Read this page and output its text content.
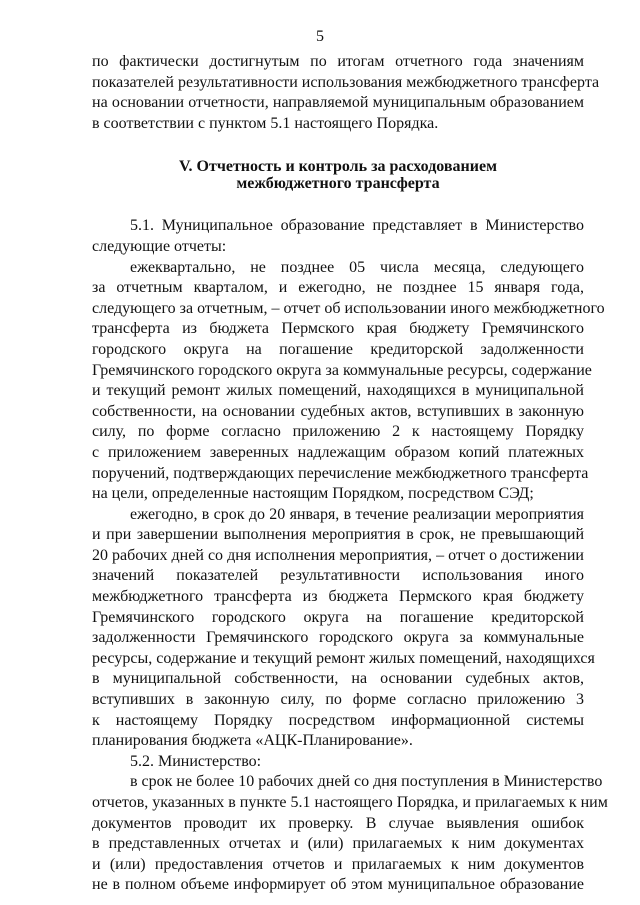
5
по фактически достигнутым по итогам отчетного года значениям
показателей результативности использования межбюджетного трансферта
на основании отчетности, направляемой муниципальным образованием
в соответствии с пунктом 5.1 настоящего Порядка.
V. Отчетность и контроль за расходованием
межбюджетного трансферта
5.1. Муниципальное образование представляет в Министерство
следующие отчеты:
ежеквартально, не позднее 05 числа месяца, следующего
за отчетным кварталом, и ежегодно, не позднее 15 января года,
следующего за отчетным, – отчет об использовании иного межбюджетного
трансферта из бюджета Пермского края бюджету Гремячинского
городского округа на погашение кредиторской задолженности
Гремячинского городского округа за коммунальные ресурсы, содержание
и текущий ремонт жилых помещений, находящихся в муниципальной
собственности, на основании судебных актов, вступивших в законную
силу, по форме согласно приложению 2 к настоящему Порядку
с приложением заверенных надлежащим образом копий платежных
поручений, подтверждающих перечисление межбюджетного трансферта
на цели, определенные настоящим Порядком, посредством СЭД;
ежегодно, в срок до 20 января, в течение реализации мероприятия
и при завершении выполнения мероприятия в срок, не превышающий
20 рабочих дней со дня исполнения мероприятия, – отчет о достижении
значений показателей результативности использования иного
межбюджетного трансферта из бюджета Пермского края бюджету
Гремячинского городского округа на погашение кредиторской
задолженности Гремячинского городского округа за коммунальные
ресурсы, содержание и текущий ремонт жилых помещений, находящихся
в муниципальной собственности, на основании судебных актов,
вступивших в законную силу, по форме согласно приложению 3
к настоящему Порядку посредством информационной системы
планирования бюджета «АЦК-Планирование».
5.2. Министерство:
в срок не более 10 рабочих дней со дня поступления в Министерство
отчетов, указанных в пункте 5.1 настоящего Порядка, и прилагаемых к ним
документов проводит их проверку. В случае выявления ошибок
в представленных отчетах и (или) прилагаемых к ним документах
и (или) предоставления отчетов и прилагаемых к ним документов
не в полном объеме информирует об этом муниципальное образование
